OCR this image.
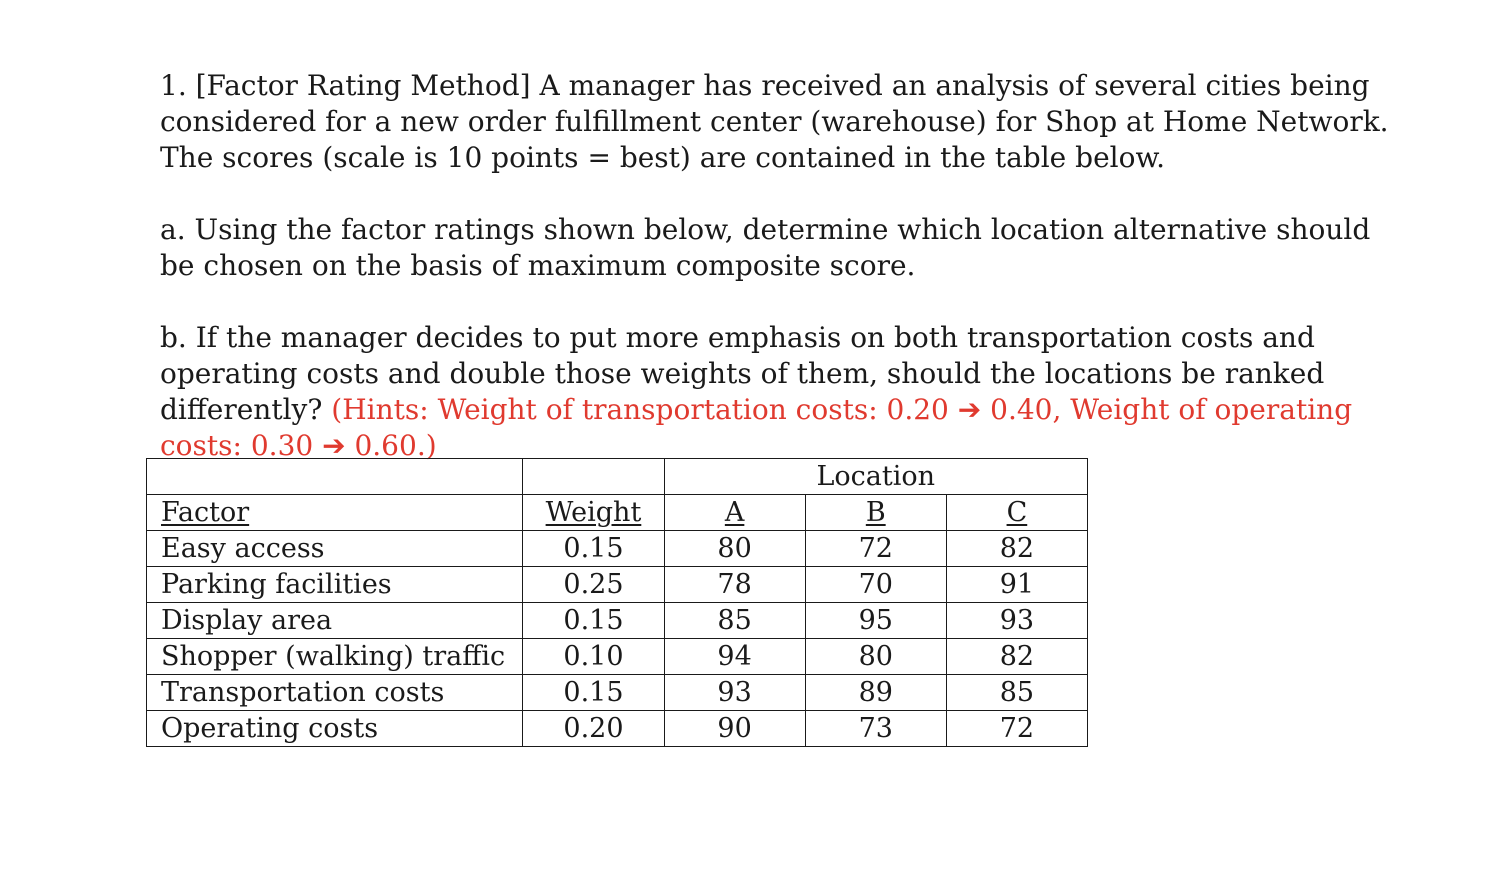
1. [Factor Rating Method] A manager has received an analysis of several cities being considered for a new order fulfillment center (warehouse) for Shop at Home Network. The scores (scale is 10 points = best) are contained in the table below.

a. Using the factor ratings shown below, determine which location alternative should be chosen on the basis of maximum composite score.

b. If the manager decides to put more emphasis on both transportation costs and operating costs and double those weights of them, should the locations be ranked differently? (Hints: Weight of transportation costs: 0.20 ➔ 0.40, Weight of operating costs: 0.30 ➔ 0.60.)

		Location		
Factor	Weight	A	B	C
Easy access	0.15	80	72	82
Parking facilities	0.25	78	70	91
Display area	0.15	85	95	93
Shopper (walking) traffic	0.10	94	80	82
Transportation costs	0.15	93	89	85
Operating costs	0.20	90	73	72
